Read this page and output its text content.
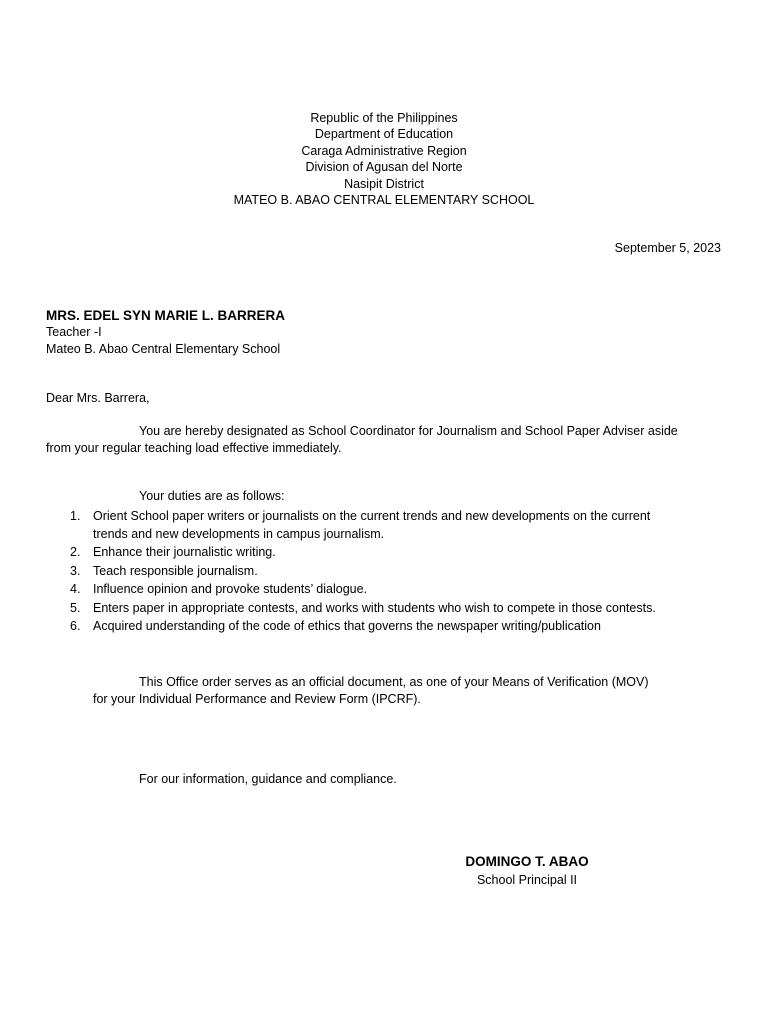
Republic of the Philippines
Department of Education
Caraga Administrative Region
Division of Agusan del Norte
Nasipit District
MATEO B. ABAO CENTRAL ELEMENTARY SCHOOL
September 5, 2023
MRS. EDEL SYN MARIE L. BARRERA
Teacher -I
Mateo B. Abao Central Elementary School
Dear Mrs. Barrera,
You are hereby designated as School Coordinator for Journalism and School Paper Adviser aside
from your regular teaching load effective immediately.
Your duties are as follows:
1. Orient School paper writers or journalists on the current trends and new developments on the current
trends and new developments in campus journalism.
2. Enhance their journalistic writing.
3. Teach responsible journalism.
4. Influence opinion and provoke students’ dialogue.
5. Enters paper in appropriate contests, and works with students who wish to compete in those contests.
6. Acquired understanding of the code of ethics that governs the newspaper writing/publication
This Office order serves as an official document, as one of your Means of Verification (MOV)
for your Individual Performance and Review Form (IPCRF).
For our information, guidance and compliance.
DOMINGO T. ABAO
School Principal II
